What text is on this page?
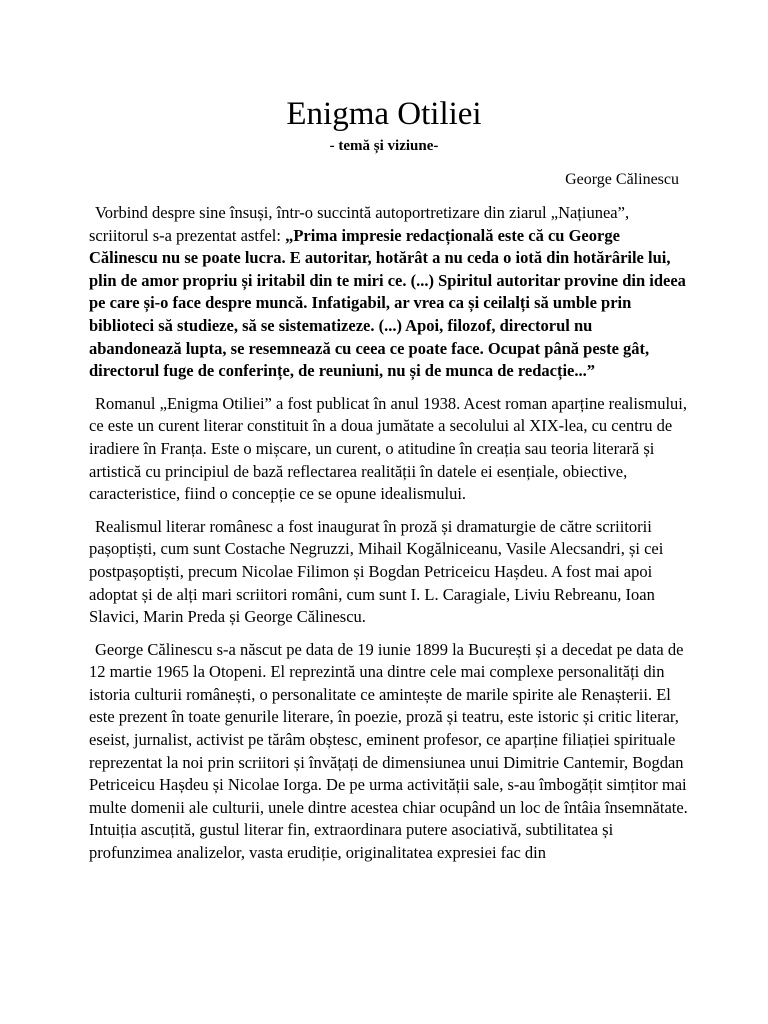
Enigma Otiliei
- temă și viziune-
George Călinescu

Vorbind despre sine însuși, într-o succintă autoportretizare din ziarul „Națiunea”, scriitorul s-a prezentat astfel: „Prima impresie redacțională este că cu George Călinescu nu se poate lucra. E autoritar, hotărât a nu ceda o iotă din hotărârile lui, plin de amor propriu și iritabil din te miri ce. (...) Spiritul autoritar provine din ideea pe care și-o face despre muncă. Infatigabil, ar vrea ca și ceilalți să umble prin biblioteci să studieze, să se sistematizeze. (...) Apoi, filozof, directorul nu abandonează lupta, se resemnează cu ceea ce poate face. Ocupat până peste gât, directorul fuge de conferințe, de reuniuni, nu și de munca de redacție...”

Romanul „Enigma Otiliei” a fost publicat în anul 1938. Acest roman aparține realismului, ce este un curent literar constituit în a doua jumătate a secolului al XIX-lea, cu centru de iradiere în Franța. Este o mișcare, un curent, o atitudine în creația sau teoria literară și artistică cu principiul de bază reflectarea realității în datele ei esențiale, obiective, caracteristice, fiind o concepție ce se opune idealismului.

Realismul literar românesc a fost inaugurat în proză și dramaturgie de către scriitorii pașoptiști, cum sunt Costache Negruzzi, Mihail Kogălniceanu, Vasile Alecsandri, și cei postpașoptiști, precum Nicolae Filimon și Bogdan Petriceicu Hașdeu. A fost mai apoi adoptat și de alți mari scriitori români, cum sunt I. L. Caragiale, Liviu Rebreanu, Ioan Slavici, Marin Preda și George Călinescu.

George Călinescu s-a născut pe data de 19 iunie 1899 la București și a decedat pe data de 12 martie 1965 la Otopeni. El reprezintă una dintre cele mai complexe personalități din istoria culturii românești, o personalitate ce amintește de marile spirite ale Renașterii. El este prezent în toate genurile literare, în poezie, proză și teatru, este istoric și critic literar, eseist, jurnalist, activist pe tărâm obștesc, eminent profesor, ce aparține filiației spirituale reprezentat la noi prin scriitori și învățați de dimensiunea unui Dimitrie Cantemir, Bogdan Petriceicu Hașdeu și Nicolae Iorga. De pe urma activității sale, s-au îmbogățit simțitor mai multe domenii ale culturii, unele dintre acestea chiar ocupând un loc de întâia însemnătate. Intuiția ascuțită, gustul literar fin, extraordinara putere asociativă, subtilitatea și profunzimea analizelor, vasta erudiție, originalitatea expresiei fac din
